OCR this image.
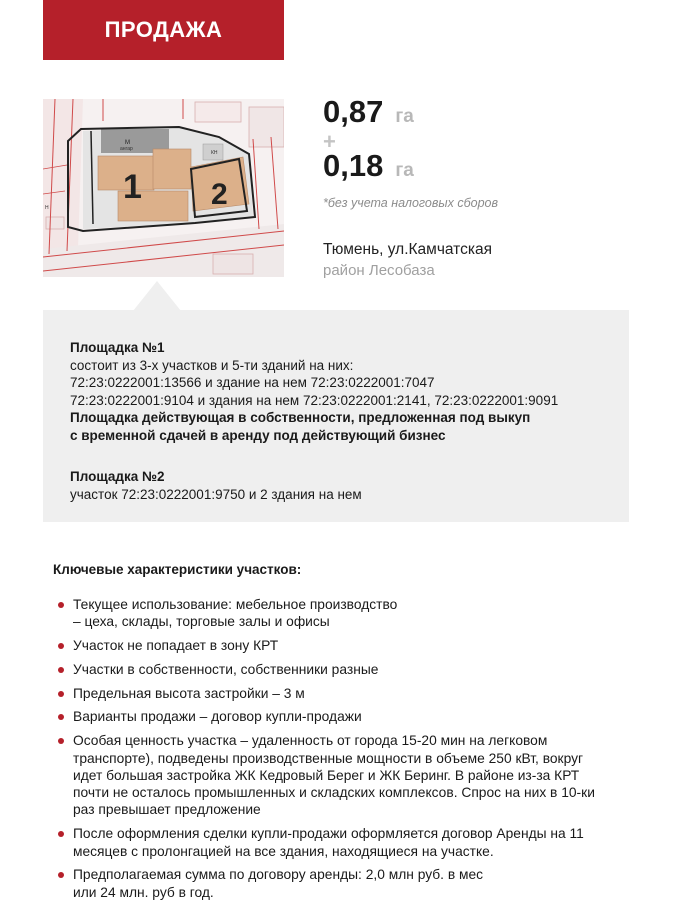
ПРОДАЖА
М
ангар
КН
Н
1 2
0,87 га
+
0,18 га
*без учета налоговых сборов
Тюмень, ул.Камчатская
район Лесобаза
Площадка №1
состоит из 3-х участков и 5-ти зданий на них:
72:23:0222001:13566 и здание на нем 72:23:0222001:7047
72:23:0222001:9104 и здания на нем 72:23:0222001:2141, 72:23:0222001:9091
Площадка действующая в собственности, предложенная под выкуп
с временной сдачей в аренду под действующий бизнес
Площадка №2
участок 72:23:0222001:9750 и 2 здания на нем
Ключевые характеристики участков:
Текущее использование: мебельное производство
– цеха, склады, торговые залы и офисы
Участок не попадает в зону КРТ
Участки в собственности, собственники разные
Предельная высота застройки – 3 м
Варианты продажи – договор купли-продажи
Особая ценность участка – удаленность от города 15-20 мин на легковом
транспорте), подведены производственные мощности в объеме 250 кВт, вокруг
идет большая застройка ЖК Кедровый Берег и ЖК Беринг. В районе из-за КРТ
почти не осталось промышленных и складских комплексов. Спрос на них в 10-ки
раз превышает предложение
После оформления сделки купли-продажи оформляется договор Аренды на 11
месяцев с пролонгацией на все здания, находящиеся на участке.
Предполагаемая сумма по договору аренды: 2,0 млн руб. в мес
или 24 млн. руб в год.
